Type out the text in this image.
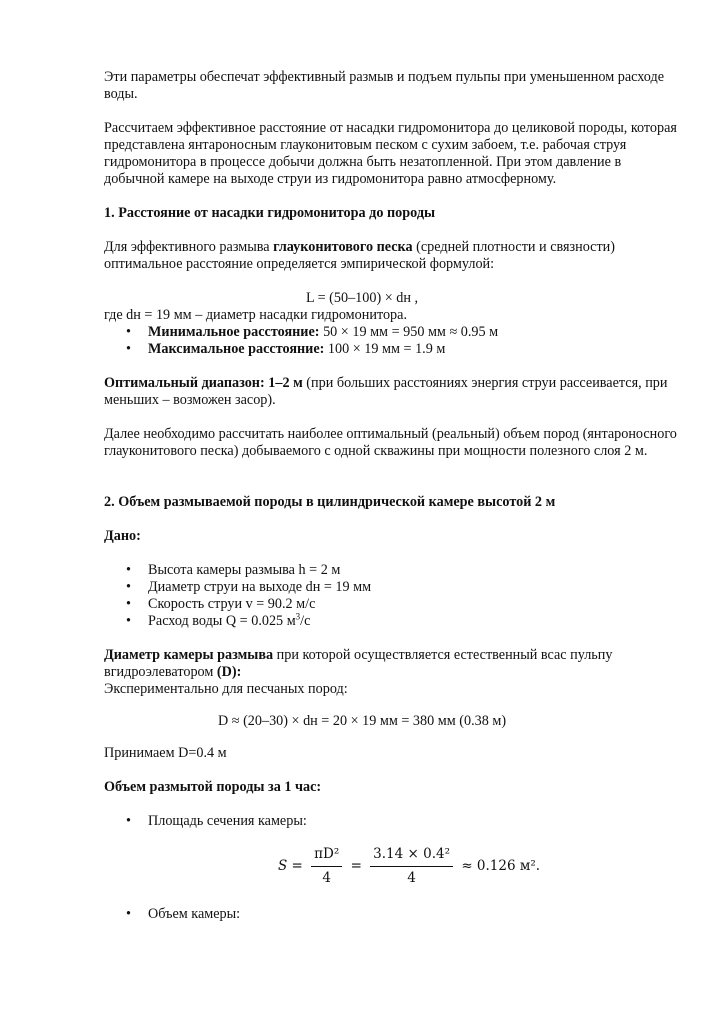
Эти параметры обеспечат эффективный размыв и подъем пульпы при уменьшенном расходе воды.

Рассчитаем эффективное расстояние от насадки гидромонитора до целиковой породы, которая представлена янтароносным глауконитовым песком с сухим забоем, т.е. рабочая струя гидромонитора в процессе добычи должна быть незатопленной. При этом давление в добычной камере на выходе струи из гидромонитора равно атмосферному.

1. Расстояние от насадки гидромонитора до породы

Для эффективного размыва глауконитового песка (средней плотности и связности) оптимальное расстояние определяется эмпирической формулой:

L = (50–100) × dн ,

где dн = 19 мм – диаметр насадки гидромонитора.

• Минимальное расстояние: 50 × 19 мм = 950 мм ≈ 0.95 м
• Максимальное расстояние: 100 × 19 мм = 1.9 м

Оптимальный диапазон: 1–2 м (при больших расстояниях энергия струи рассеивается, при меньших – возможен засор).

Далее необходимо рассчитать наиболее оптимальный (реальный) объем пород (янтароносного глауконитового песка) добываемого с одной скважины при мощности полезного слоя 2 м.

2. Объем размываемой породы в цилиндрической камере высотой 2 м

Дано:

• Высота камеры размыва h = 2 м
• Диаметр струи на выходе dн = 19 мм
• Скорость струи v = 90.2 м/с
• Расход воды Q = 0.025 $м^3/с$

Диаметр камеры размыва при которой осуществляется естественный всас пульпу вгидроэлеватором (D):

Экспериментально для песчаных пород:

D ≈ (20–30) × dн = 20 × 19 мм = 380 мм (0.38 м)

Принимаем D=0.4 м

Объем размытой породы за 1 час:

• Площадь сечения камеры:
$S = \frac{\text{πD²}}{4} = \frac{\text{3.14 × 0.4²}}{4} \approx 0.126$ м².
• Объем камеры:
